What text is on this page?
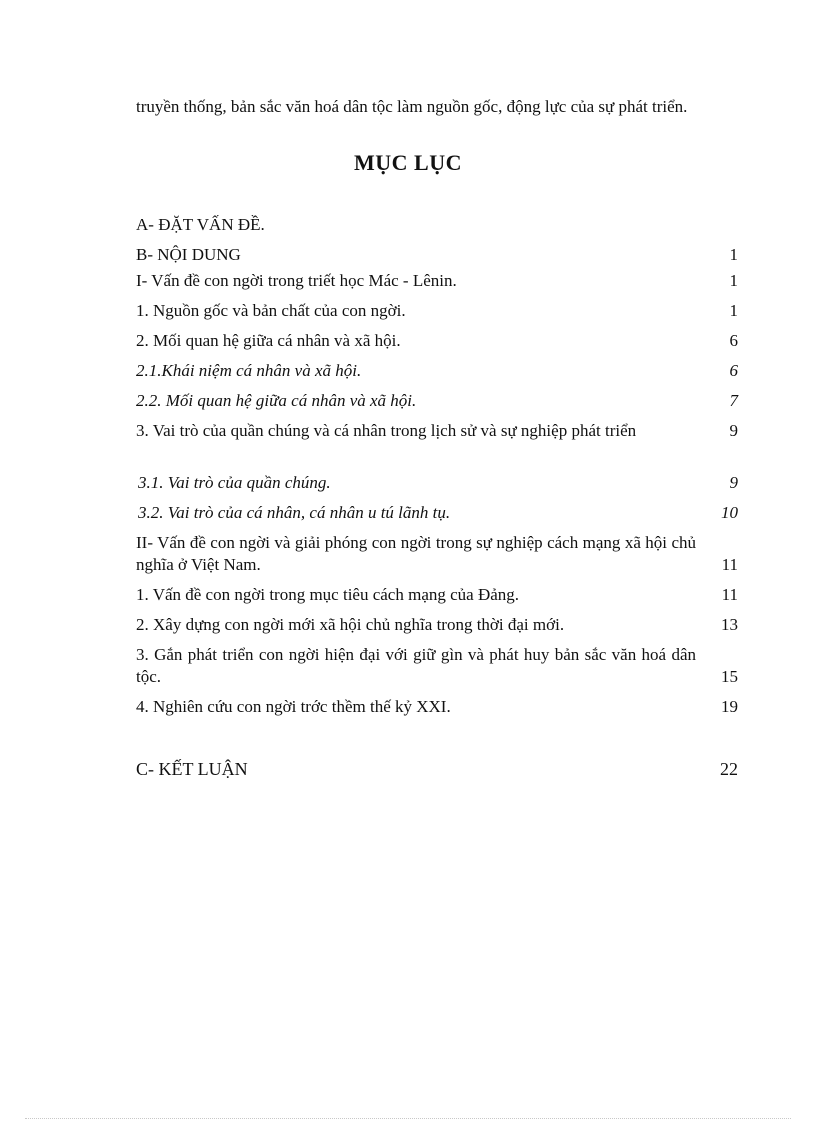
truyền thống, bản sắc văn hoá dân tộc làm nguồn gốc, động lực của sự phát triển.

MỤC LỤC
A- ĐẶT VẤN ĐỀ.
B- NỘI DUNG	1
I- Vấn đề con ngời trong triết học Mác - Lênin.	1
1. Nguồn gốc và bản chất của con ngời.	1
2. Mối quan hệ giữa cá nhân và xã hội.	6
2.1.Khái niệm cá nhân và xã hội.	6
2.2. Mối quan hệ giữa cá nhân và xã hội.	7
3. Vai trò của quần chúng và cá nhân trong lịch sử và sự nghiệp phát triển	9
3.1. Vai trò của quần chúng.	9
3.2. Vai trò của cá nhân, cá nhân u tú lãnh tụ.	10
II- Vấn đề con ngời và giải phóng con ngời trong sự nghiệp cách mạng xã hội chủ nghĩa ở Việt Nam.	11
1. Vấn đề con ngời trong mục tiêu cách mạng của Đảng.	11
2. Xây dựng con ngời mới xã hội chủ nghĩa trong thời đại mới.	13
3. Gắn phát triển con ngời hiện đại với giữ gìn và phát huy bản sắc văn hoá dân tộc.	15
4. Nghiên cứu con ngời trớc thềm thế kỷ XXI.	19
C- KẾT LUẬN	22
